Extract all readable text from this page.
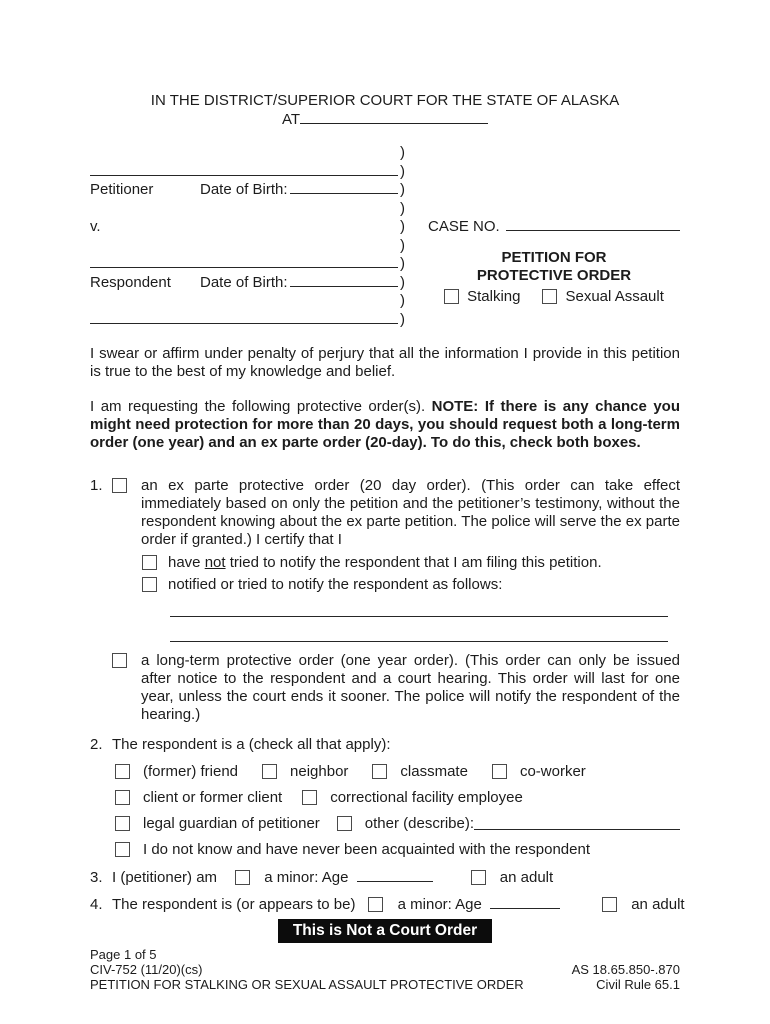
IN THE DISTRICT/SUPERIOR COURT FOR THE STATE OF ALASKA
AT
)
)
Petitioner	Date of Birth:	)
)
v.	)
)
)
Respondent	Date of Birth:	)
)
)
CASE NO.
PETITION FOR
PROTECTIVE ORDER
Stalking	Sexual Assault
I swear or affirm under penalty of perjury that all the information I provide in this petition is true to the best of my knowledge and belief.
I am requesting the following protective order(s). NOTE: If there is any chance you might need protection for more than 20 days, you should request both a long-term order (one year) and an ex parte order (20-day). To do this, check both boxes.
1.	an ex parte protective order (20 day order). (This order can take effect immediately based on only the petition and the petitioner’s testimony, without the respondent knowing about the ex parte petition. The police will serve the ex parte order if granted.) I certify that I
have not tried to notify the respondent that I am filing this petition.
notified or tried to notify the respondent as follows:
a long-term protective order (one year order). (This order can only be issued after notice to the respondent and a court hearing. This order will last for one year, unless the court ends it sooner. The police will notify the respondent of the hearing.)
2. The respondent is a (check all that apply):
(former) friend	neighbor	classmate	co-worker
client or former client	correctional facility employee
legal guardian of petitioner	other (describe):
I do not know and have never been acquainted with the respondent
3. I (petitioner) am	a minor: Age	an adult
4. The respondent is (or appears to be)	a minor: Age	an adult
This is Not a Court Order
Page 1 of 5
CIV-752 (11/20)(cs)	AS 18.65.850-.870
PETITION FOR STALKING OR SEXUAL ASSAULT PROTECTIVE ORDER	Civil Rule 65.1
